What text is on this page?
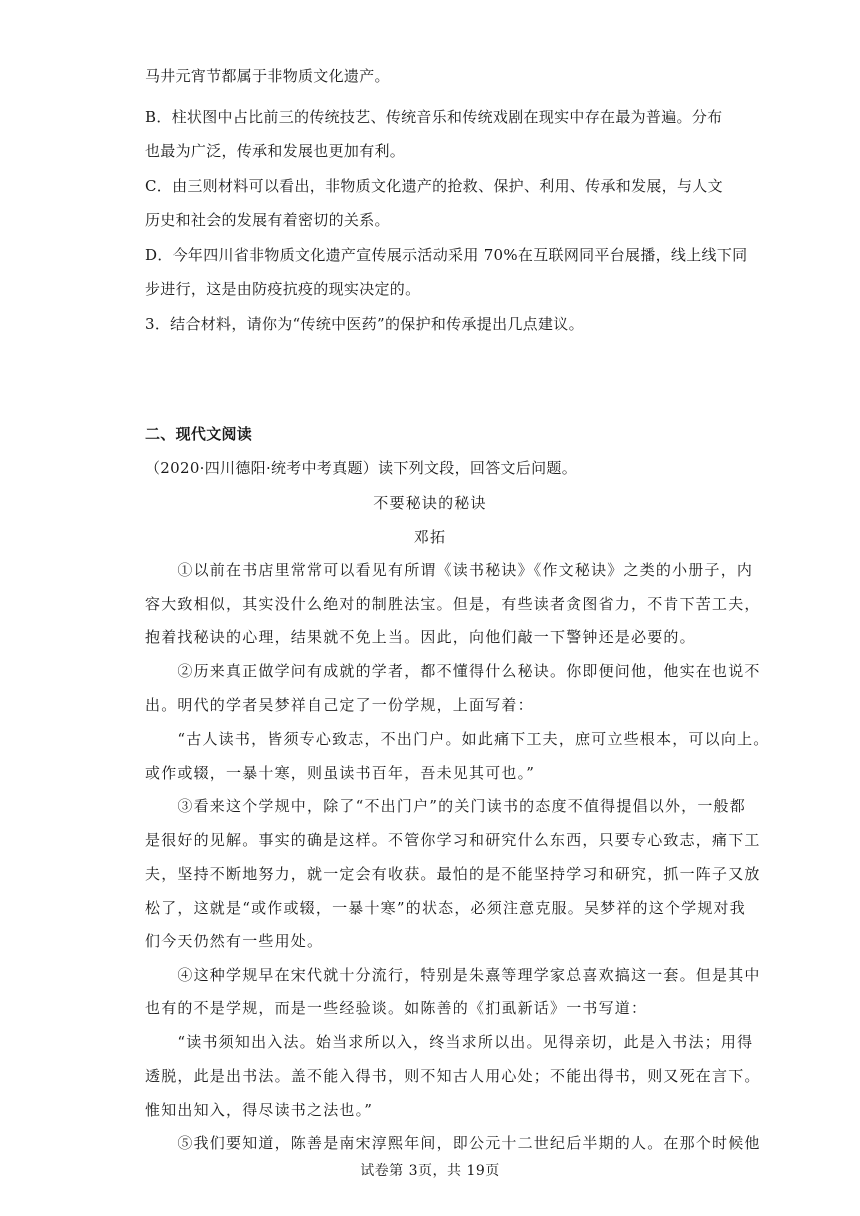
马井元宵节都属于非物质文化遗产。
B．柱状图中占比前三的传统技艺、传统音乐和传统戏剧在现实中存在最为普遍。分布
也最为广泛，传承和发展也更加有利。
C．由三则材料可以看出，非物质文化遗产的抢救、保护、利用、传承和发展，与人文
历史和社会的发展有着密切的关系。
D．今年四川省非物质文化遗产宣传展示活动采用 70%在互联网同平台展播，线上线下同
步进行，这是由防疫抗疫的现实决定的。
3．结合材料，请你为“传统中医药”的保护和传承提出几点建议。
二、现代文阅读
（2020·四川德阳·统考中考真题）读下列文段，回答文后问题。
不要秘诀的秘诀
邓拓
　　①以前在书店里常常可以看见有所谓《读书秘诀》《作文秘诀》之类的小册子，内
容大致相似，其实没什么绝对的制胜法宝。但是，有些读者贪图省力，不肯下苦工夫，
抱着找秘诀的心理，结果就不免上当。因此，向他们敲一下警钟还是必要的。
　　②历来真正做学问有成就的学者，都不懂得什么秘诀。你即便问他，他实在也说不
出。明代的学者吴梦祥自己定了一份学规，上面写着：
　　“古人读书，皆须专心致志，不出门户。如此痛下工夫，庶可立些根本，可以向上。
或作或辍，一暴十寒，则虽读书百年，吾未见其可也。”
　　③看来这个学规中，除了“不出门户”的关门读书的态度不值得提倡以外，一般都
是很好的见解。事实的确是这样。不管你学习和研究什么东西，只要专心致志，痛下工
夫，坚持不断地努力，就一定会有收获。最怕的是不能坚持学习和研究，抓一阵子又放
松了，这就是“或作或辍，一暴十寒”的状态，必须注意克服。吴梦祥的这个学规对我
们今天仍然有一些用处。
　　④这种学规早在宋代就十分流行，特别是朱熹等理学家总喜欢搞这一套。但是其中
也有的不是学规，而是一些经验谈。如陈善的《扪虱新话》一书写道：
　　“读书须知出入法。始当求所以入，终当求所以出。见得亲切，此是入书法；用得
透脱，此是出书法。盖不能入得书，则不知古人用心处；不能出得书，则又死在言下。
惟知出知入，得尽读书之法也。”
　　⑤我们要知道，陈善是南宋淳熙年间，即公元十二世纪后半期的人。在那个时候他
试卷第 3页，共 19页
